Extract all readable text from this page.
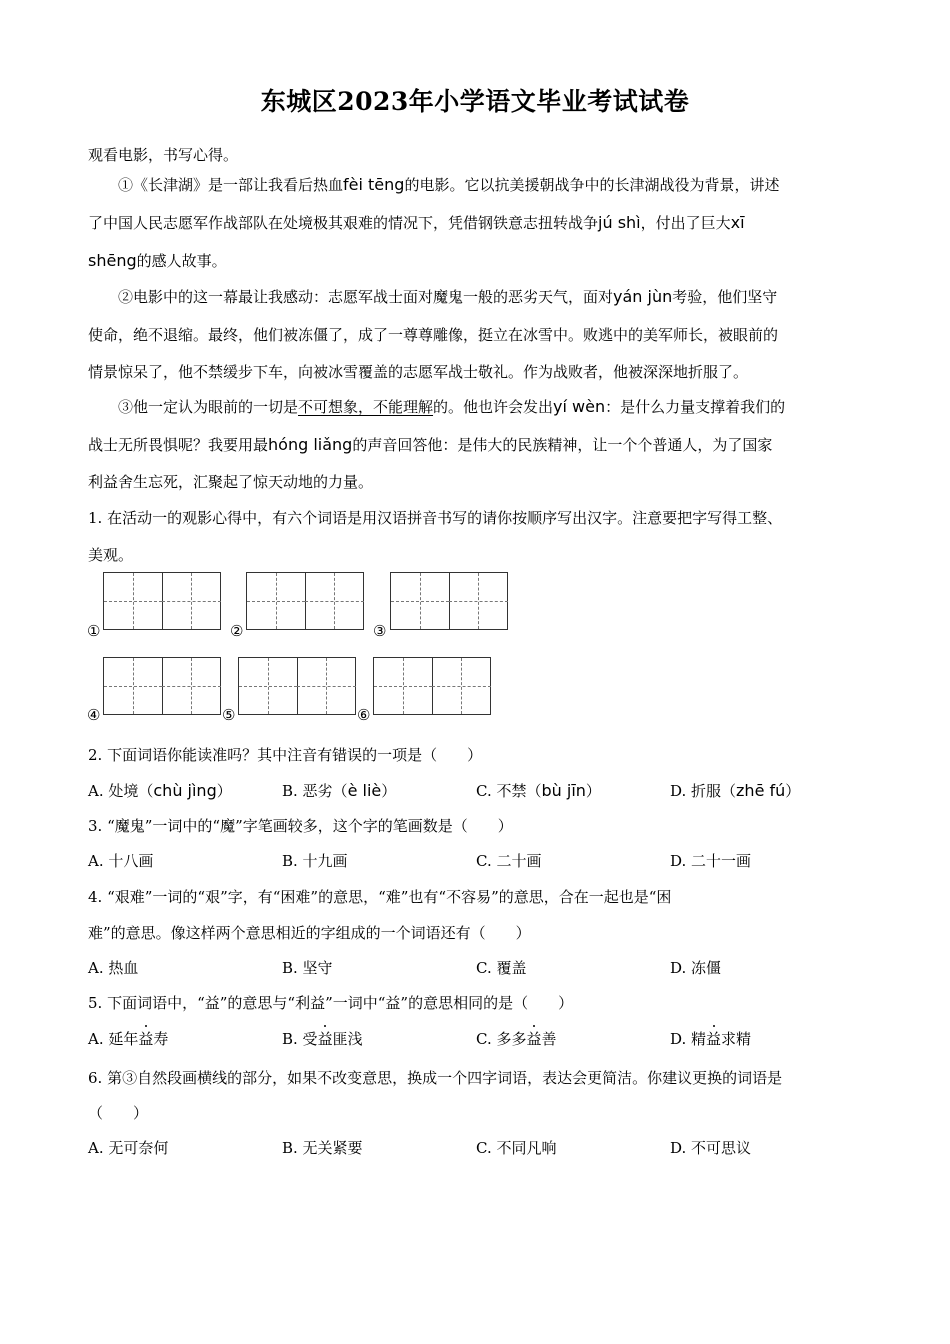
东城区2023年小学语文毕业考试试卷
观看电影，书写心得。
①《长津湖》是一部让我看后热血fèi tēng的电影。它以抗美援朝战争中的长津湖战役为背景，讲述
了中国人民志愿军作战部队在处境极其艰难的情况下，凭借钢铁意志扭转战争jú shì，付出了巨大xī
shēng的感人故事。
②电影中的这一幕最让我感动：志愿军战士面对魔鬼一般的恶劣天气，面对yán jùn考验，他们坚守
使命，绝不退缩。最终，他们被冻僵了，成了一尊尊雕像，挺立在冰雪中。败逃中的美军师长，被眼前的
情景惊呆了，他不禁缓步下车，向被冰雪覆盖的志愿军战士敬礼。作为战败者，他被深深地折服了。
③他一定认为眼前的一切是不可想象，不能理解的。他也许会发出yí wèn：是什么力量支撑着我们的
战士无所畏惧呢？我要用最hóng liǎng的声音回答他：是伟大的民族精神，让一个个普通人，为了国家
利益舍生忘死，汇聚起了惊天动地的力量。
1. 在活动一的观影心得中，有六个词语是用汉语拼音书写的请你按顺序写出汉字。注意要把字写得工整、
美观。
①	②	③
④	⑤	⑥
2. 下面词语你能读准吗？其中注音有错误的一项是（　　）
A. 处境（chù jìng）	B. 恶劣（è liè）	C. 不禁（bù jīn）	D. 折服（zhē fú）
3. “魔鬼”一词中的“魔”字笔画较多，这个字的笔画数是（　　）
A. 十八画	B. 十九画	C. 二十画	D. 二十一画
4. “艰难”一词的“艰”字，有“困难”的意思，“难”也有“不容易”的意思，合在一起也是“困
难”的意思。像这样两个意思相近的字组成的一个词语还有（　　）
A. 热血	B. 坚守	C. 覆盖	D. 冻僵
5. 下面词语中，“益”的意思与“利益”一词中“益”的意思相同的是（　　）
A. 延年益寿	B. 受益匪浅	C. 多多益善	D. 精益求精
6. 第③自然段画横线的部分，如果不改变意思，换成一个四字词语，表达会更简洁。你建议更换的词语是
（　　）
A. 无可奈何	B. 无关紧要	C. 不同凡响	D. 不可思议
